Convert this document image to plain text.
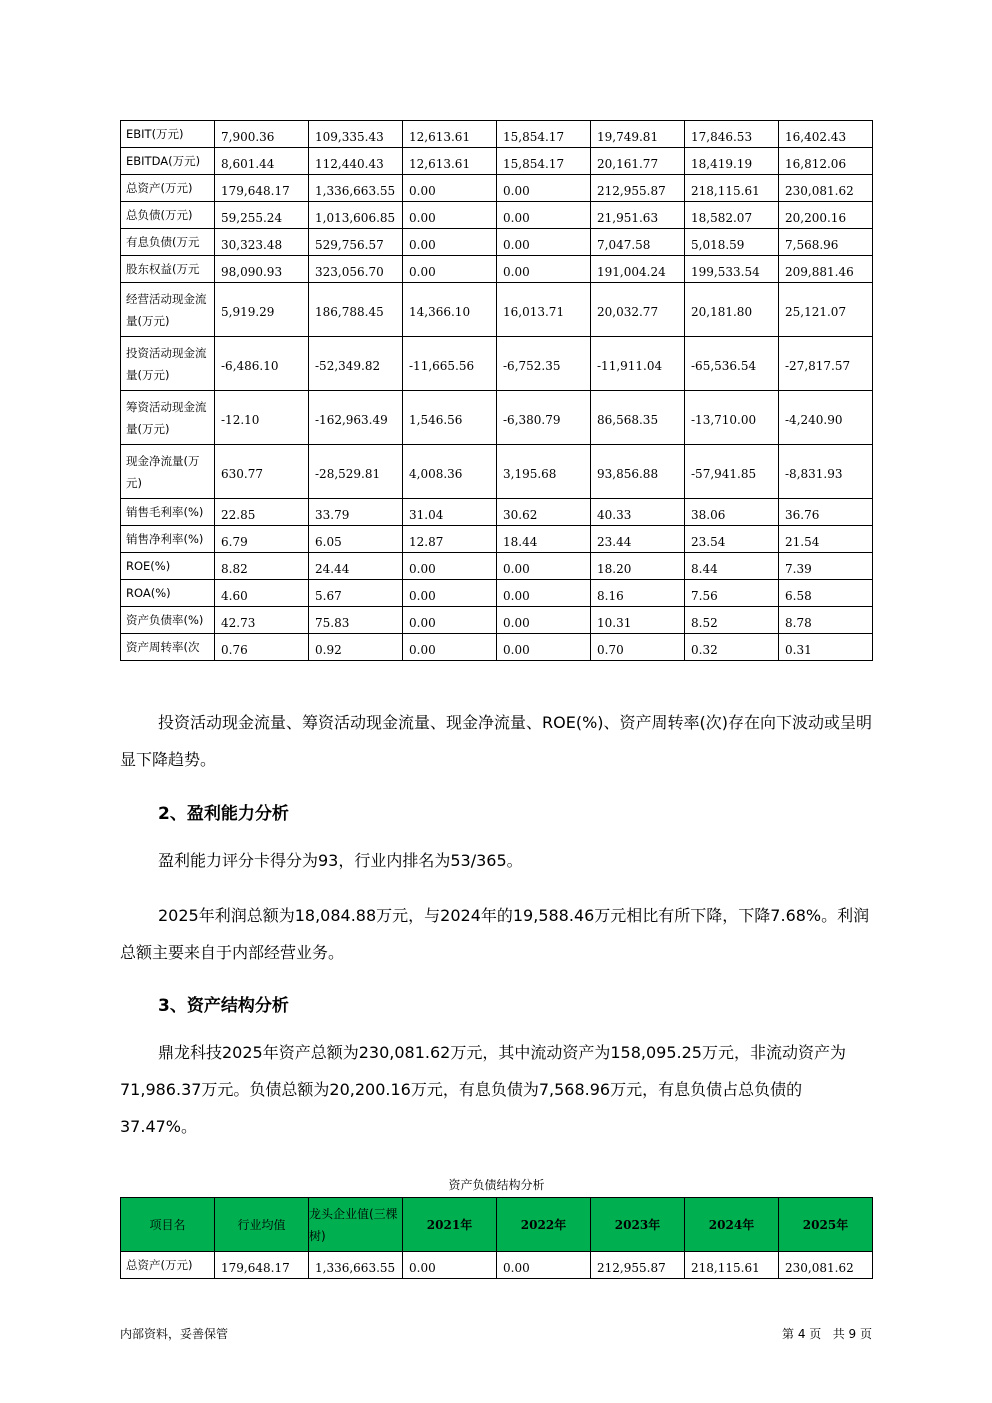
EBIT(万元)	7,900.36	109,335.43	12,613.61	15,854.17	19,749.81	17,846.53	16,402.43
EBITDA(万元)	8,601.44	112,440.43	12,613.61	15,854.17	20,161.77	18,419.19	16,812.06
总资产(万元)	179,648.17	1,336,663.55	0.00	0.00	212,955.87	218,115.61	230,081.62
总负债(万元)	59,255.24	1,013,606.85	0.00	0.00	21,951.63	18,582.07	20,200.16
有息负债(万元	30,323.48	529,756.57	0.00	0.00	7,047.58	5,018.59	7,568.96
股东权益(万元	98,090.93	323,056.70	0.00	0.00	191,004.24	199,533.54	209,881.46
经营活动现金流量(万元)	5,919.29	186,788.45	14,366.10	16,013.71	20,032.77	20,181.80	25,121.07
投资活动现金流量(万元)	-6,486.10	-52,349.82	-11,665.56	-6,752.35	-11,911.04	-65,536.54	-27,817.57
筹资活动现金流量(万元)	-12.10	-162,963.49	1,546.56	-6,380.79	86,568.35	-13,710.00	-4,240.90
现金净流量(万元)	630.77	-28,529.81	4,008.36	3,195.68	93,856.88	-57,941.85	-8,831.93
销售毛利率(%)	22.85	33.79	31.04	30.62	40.33	38.06	36.76
销售净利率(%)	6.79	6.05	12.87	18.44	23.44	23.54	21.54
ROE(%)	8.82	24.44	0.00	0.00	18.20	8.44	7.39
ROA(%)	4.60	5.67	0.00	0.00	8.16	7.56	6.58
资产负债率(%)	42.73	75.83	0.00	0.00	10.31	8.52	8.78
资产周转率(次	0.76	0.92	0.00	0.00	0.70	0.32	0.31

投资活动现金流量、筹资活动现金流量、现金净流量、ROE(%)、资产周转率(次)存在向下波动或呈明显下降趋势。

2、盈利能力分析

盈利能力评分卡得分为93，行业内排名为53/365。

2025年利润总额为18,084.88万元，与2024年的19,588.46万元相比有所下降，下降7.68%。利润总额主要来自于内部经营业务。

3、资产结构分析

鼎龙科技2025年资产总额为230,081.62万元，其中流动资产为158,095.25万元，非流动资产为71,986.37万元。负债总额为20,200.16万元，有息负债为7,568.96万元，有息负债占总负债的37.47%。

资产负债结构分析
项目名	行业均值	龙头企业值(三棵树)	2021年	2022年	2023年	2024年	2025年
总资产(万元)	179,648.17	1,336,663.55	0.00	0.00	212,955.87	218,115.61	230,081.62
内部资料，妥善保管	第 4 页   共 9 页
